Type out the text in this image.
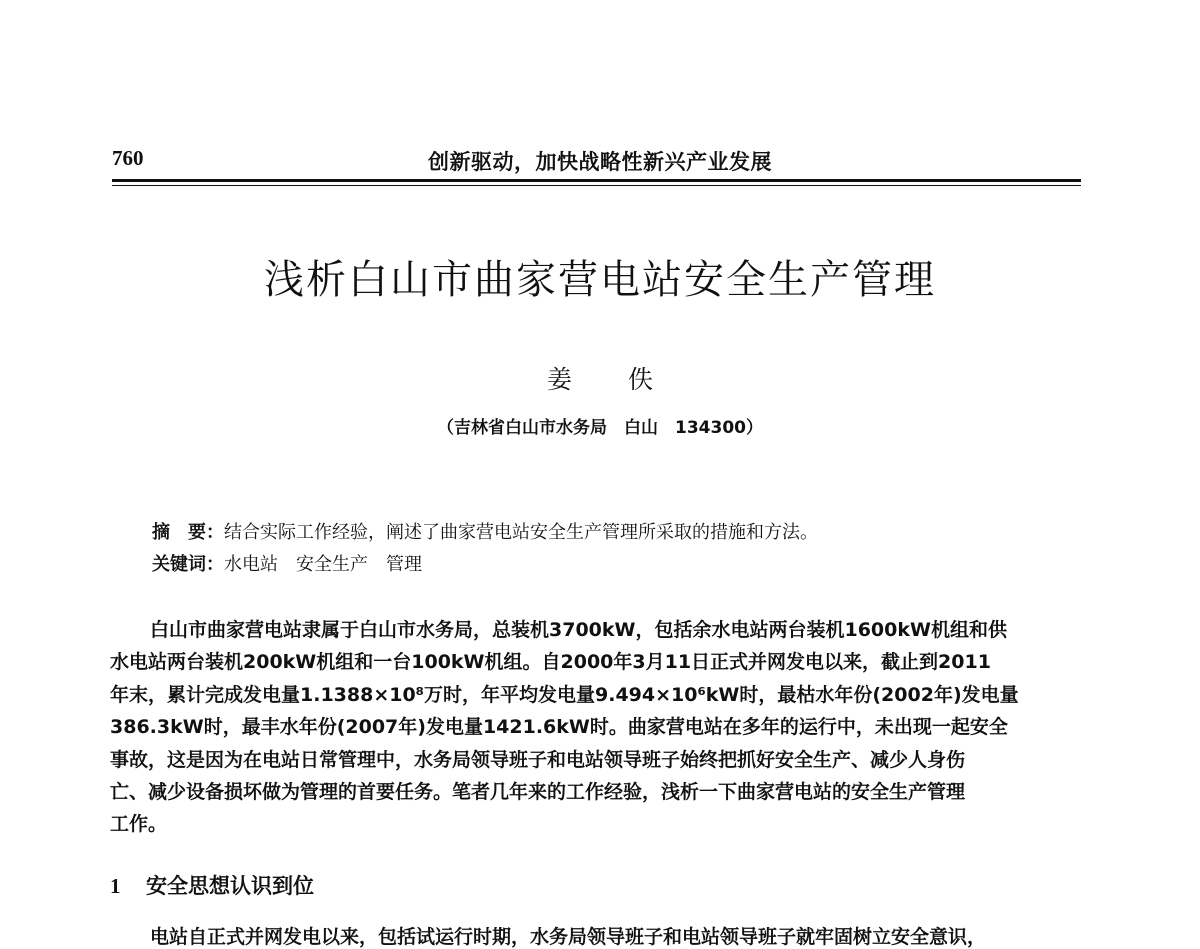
760	创新驱动，加快战略性新兴产业发展
浅析白山市曲家营电站安全生产管理
姜 佚
（吉林省白山市水务局　白山　134300）
摘　要：结合实际工作经验，阐述了曲家营电站安全生产管理所采取的措施和方法。
关键词：水电站　安全生产　管理
白山市曲家营电站隶属于白山市水务局，总装机3700kW，包括余水电站两台装机1600kW机组和供
水电站两台装机200kW机组和一台100kW机组。自2000年3月11日正式并网发电以来，截止到2011
年末，累计完成发电量1.1388×10⁸万时，年平均发电量9.494×10⁶kW时，最枯水年份(2002年)发电量
386.3kW时，最丰水年份(2007年)发电量1421.6kW时。曲家营电站在多年的运行中，未出现一起安全
事故，这是因为在电站日常管理中，水务局领导班子和电站领导班子始终把抓好安全生产、减少人身伤
亡、减少设备损坏做为管理的首要任务。笔者几年来的工作经验，浅析一下曲家营电站的安全生产管理
工作。
1 安全思想认识到位
电站自正式并网发电以来，包括试运行时期，水务局领导班子和电站领导班子就牢固树立安全意识，
